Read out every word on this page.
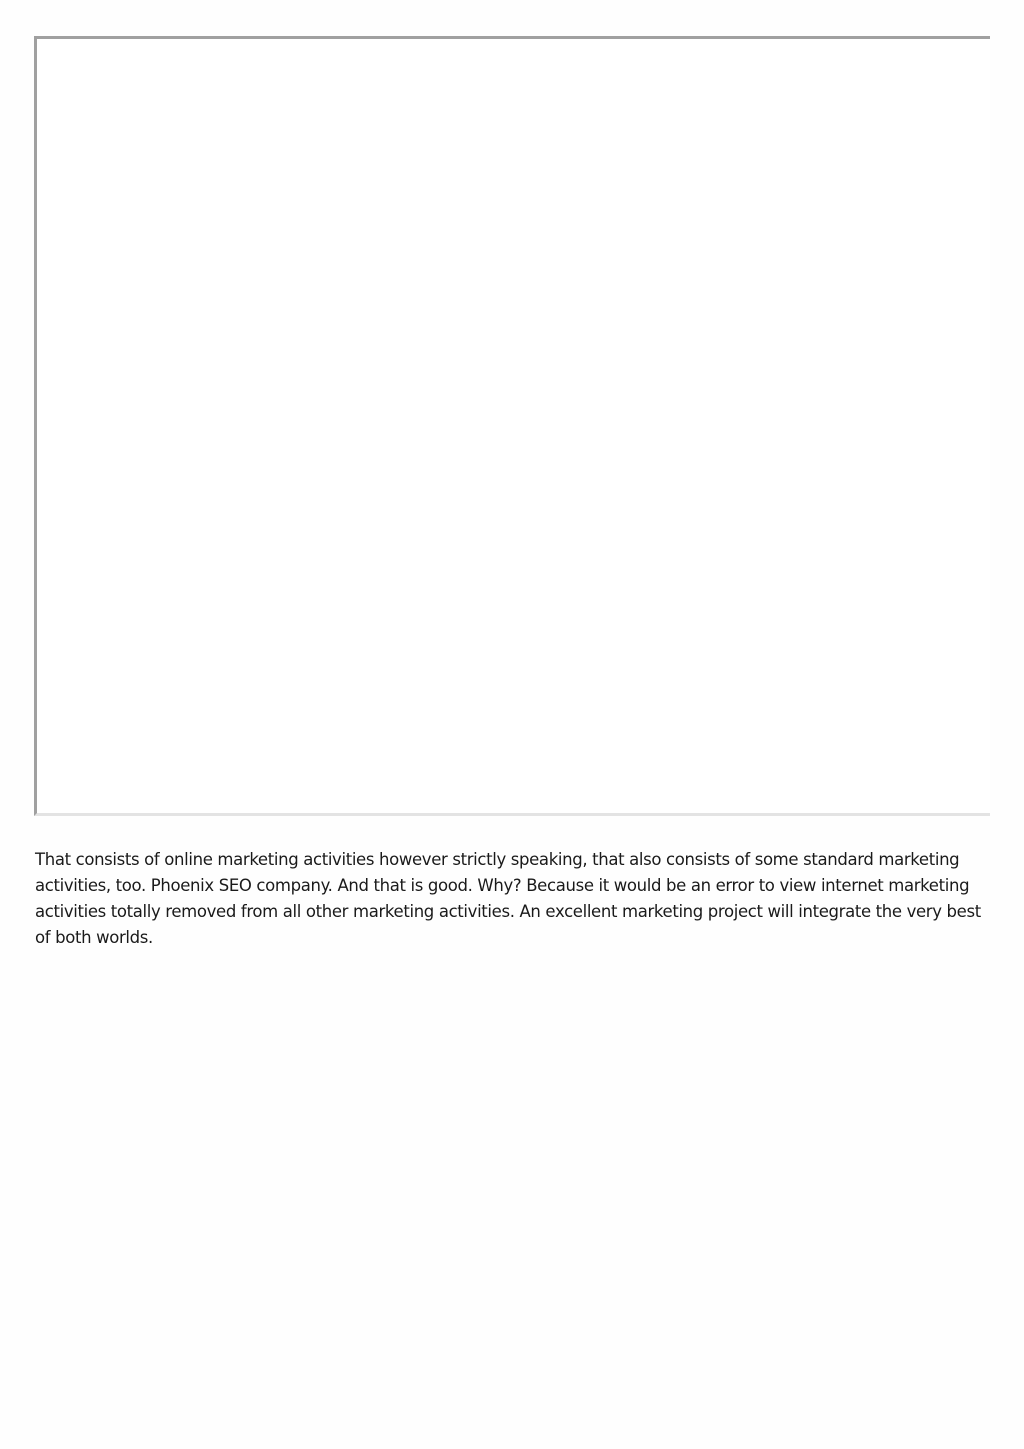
That consists of online marketing activities however strictly speaking, that also consists of some standard marketing activities, too. Phoenix SEO company. And that is good. Why? Because it would be an error to view internet marketing activities totally removed from all other marketing activities. An excellent marketing project will integrate the very best of both worlds.
